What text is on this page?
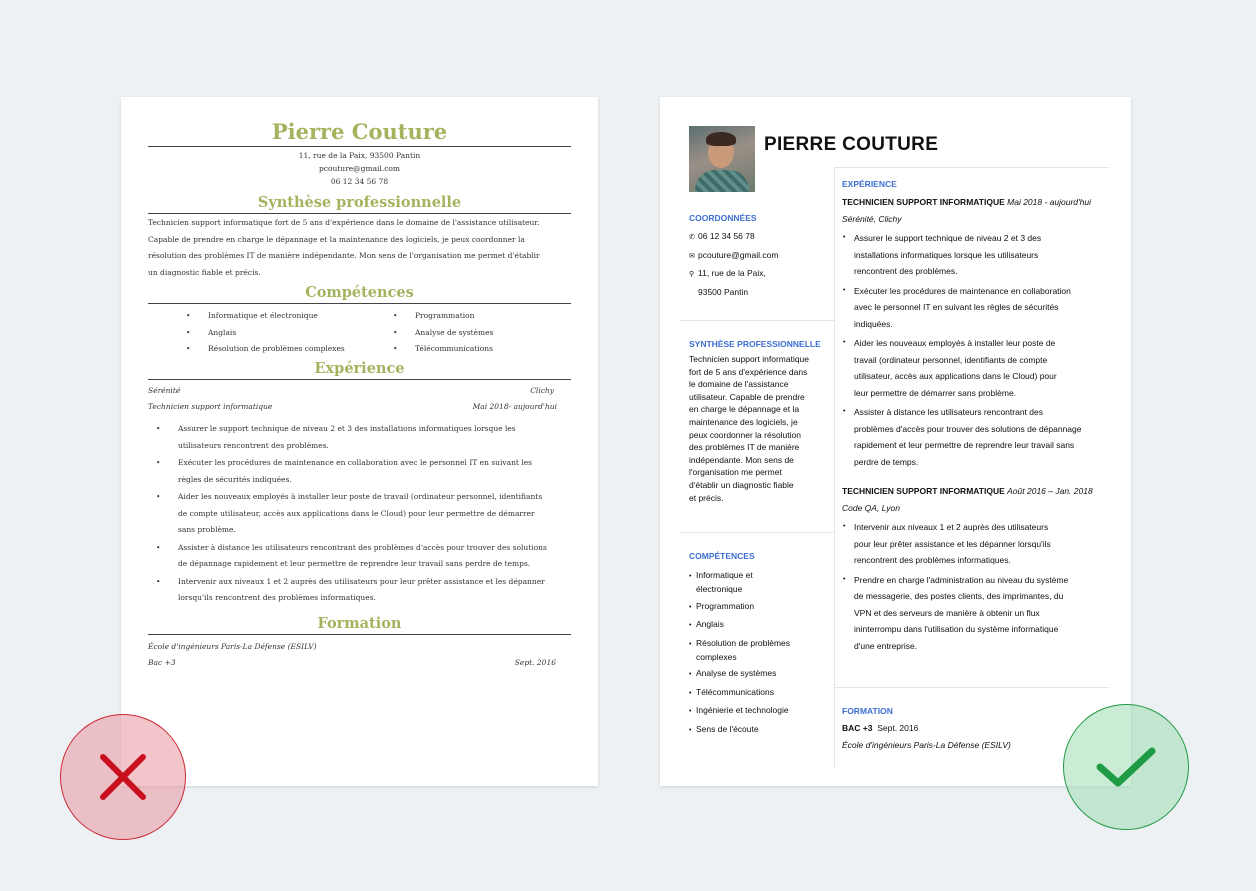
Pierre Couture
11, rue de la Paix, 93500 Pantin
pcouture@gmail.com
06 12 34 56 78
Synthèse professionnelle
Technicien support informatique fort de 5 ans d'expérience dans le domaine de l'assistance utilisateur.
Capable de prendre en charge le dépannage et la maintenance des logiciels, je peux coordonner la
résolution des problèmes IT de manière indépendante. Mon sens de l'organisation me permet d'établir
un diagnostic fiable et précis.
Compétences
• Informatique et électronique	• Programmation
• Anglais	• Analyse de systèmes
• Résolution de problèmes complexes	• Télécommunications
Expérience
Sérénité	Clichy
Technicien support informatique	Mai 2018- aujourd'hui
• Assurer le support technique de niveau 2 et 3 des installations informatiques lorsque les utilisateurs rencontrent des problèmes.
• Exécuter les procédures de maintenance en collaboration avec le personnel IT en suivant les règles de sécurités indiquées.
• Aider les nouveaux employés à installer leur poste de travail (ordinateur personnel, identifiants de compte utilisateur, accès aux applications dans le Cloud) pour leur permettre de démarrer sans problème.
• Assister à distance les utilisateurs rencontrant des problèmes d'accès pour trouver des solutions de dépannage rapidement et leur permettre de reprendre leur travail sans perdre de temps.
• Intervenir aux niveaux 1 et 2 auprès des utilisateurs pour leur prêter assistance et les dépanner lorsqu'ils rencontrent des problèmes informatiques.
Formation
École d'ingénieurs Paris-La Défense (ESILV)
Bac +3	Sept. 2016
PIERRE COUTURE
COORDONNÉES
✆ 06 12 34 56 78
✉ pcouture@gmail.com
⚲ 11, rue de la Paix,
93500 Pantin
SYNTHÈSE PROFESSIONNELLE
Technicien support informatique
fort de 5 ans d'expérience dans
le domaine de l'assistance
utilisateur. Capable de prendre
en charge le dépannage et la
maintenance des logiciels, je
peux coordonner la résolution
des problèmes IT de manière
indépendante. Mon sens de
l'organisation me permet
d'établir un diagnostic fiable
et précis.
COMPÉTENCES
• Informatique et
électronique
• Programmation
• Anglais
• Résolution de problèmes
complexes
• Analyse de systèmes
• Télécommunications
• Ingénierie et technologie
• Sens de l'écoute
EXPÉRIENCE
TECHNICIEN SUPPORT INFORMATIQUE Mai 2018 - aujourd'hui
Sérénité, Clichy
• Assurer le support technique de niveau 2 et 3 des
installations informatiques lorsque les utilisateurs
rencontrent des problèmes.
• Exécuter les procédures de maintenance en collaboration
avec le personnel IT en suivant les règles de sécurités
indiquées.
• Aider les nouveaux employés à installer leur poste de
travail (ordinateur personnel, identifiants de compte
utilisateur, accès aux applications dans le Cloud) pour
leur permettre de démarrer sans problème.
• Assister à distance les utilisateurs rencontrant des
problèmes d'accès pour trouver des solutions de dépannage
rapidement et leur permettre de reprendre leur travail sans
perdre de temps.
TECHNICIEN SUPPORT INFORMATIQUE Août 2016 – Jan. 2018
Code QA, Lyon
• Intervenir aux niveaux 1 et 2 auprès des utilisateurs
pour leur prêter assistance et les dépanner lorsqu'ils
rencontrent des problèmes informatiques.
• Prendre en charge l'administration au niveau du système
de messagerie, des postes clients, des imprimantes, du
VPN et des serveurs de manière à obtenir un flux
ininterrompu dans l'utilisation du système informatique
d'une entreprise.
FORMATION
BAC +3 Sept. 2016
École d'ingénieurs Paris-La Défense (ESILV)
